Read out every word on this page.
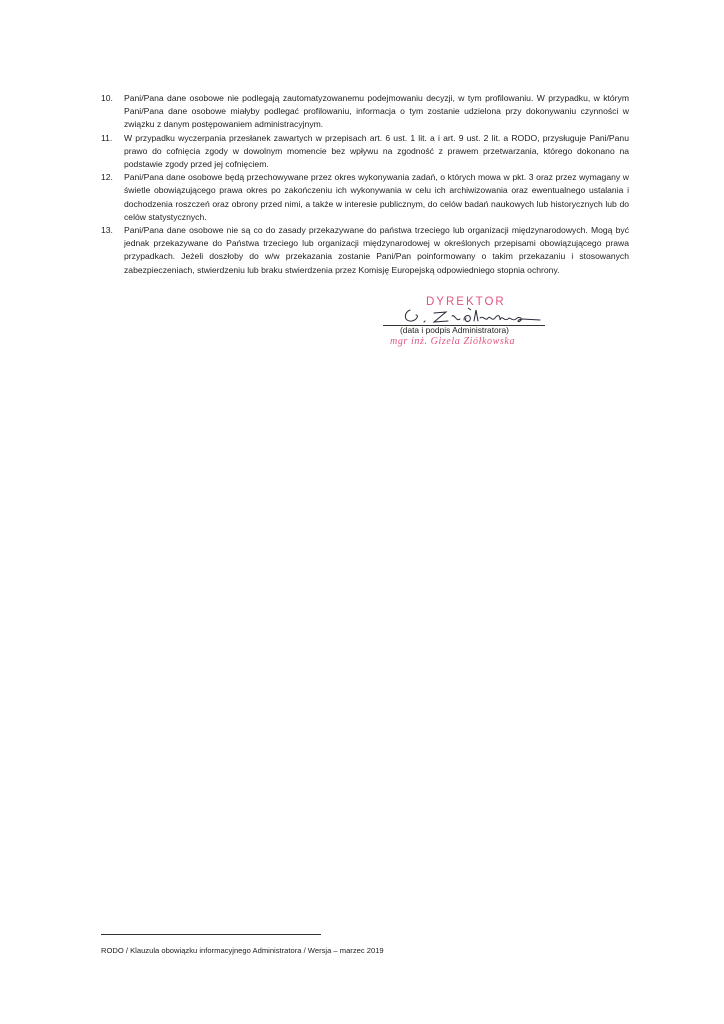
10.	Pani/Pana dane osobowe nie podlegają zautomatyzowanemu podejmowaniu decyzji, w tym profilowaniu. W przypadku, w którym Pani/Pana dane osobowe miałyby podlegać profilowaniu, informacja o tym zostanie udzielona przy dokonywaniu czynności w związku z danym postępowaniem administracyjnym.
11.	W przypadku wyczerpania przesłanek zawartych w przepisach art. 6 ust. 1 lit. a i art. 9 ust. 2 lit. a RODO, przysługuje Pani/Panu prawo do cofnięcia zgody w dowolnym momencie bez wpływu na zgodność z prawem przetwarzania, którego dokonano na podstawie zgody przed jej cofnięciem.
12.	Pani/Pana dane osobowe będą przechowywane przez okres wykonywania zadań, o których mowa w pkt. 3 oraz przez wymagany w świetle obowiązującego prawa okres po zakończeniu ich wykonywania w celu ich archiwizowania oraz ewentualnego ustalania i dochodzenia roszczeń oraz obrony przed nimi, a także w interesie publicznym, do celów badań naukowych lub historycznych lub do celów statystycznych.
13.	Pani/Pana dane osobowe nie są co do zasady przekazywane do państwa trzeciego lub organizacji międzynarodowych. Mogą być jednak przekazywane do Państwa trzeciego lub organizacji międzynarodowej w określonych przepisami obowiązującego prawa przypadkach. Jeżeli doszłoby do w/w przekazania zostanie Pani/Pan poinformowany o takim przekazaniu i stosowanych zabezpieczeniach, stwierdzeniu lub braku stwierdzenia przez Komisję Europejską odpowiedniego stopnia ochrony.
DYREKTOR
(data i podpis Administratora)
mgr inż. Gizela Ziółkowska
RODO / Klauzula obowiązku informacyjnego Administratora / Wersja – marzec 2019
